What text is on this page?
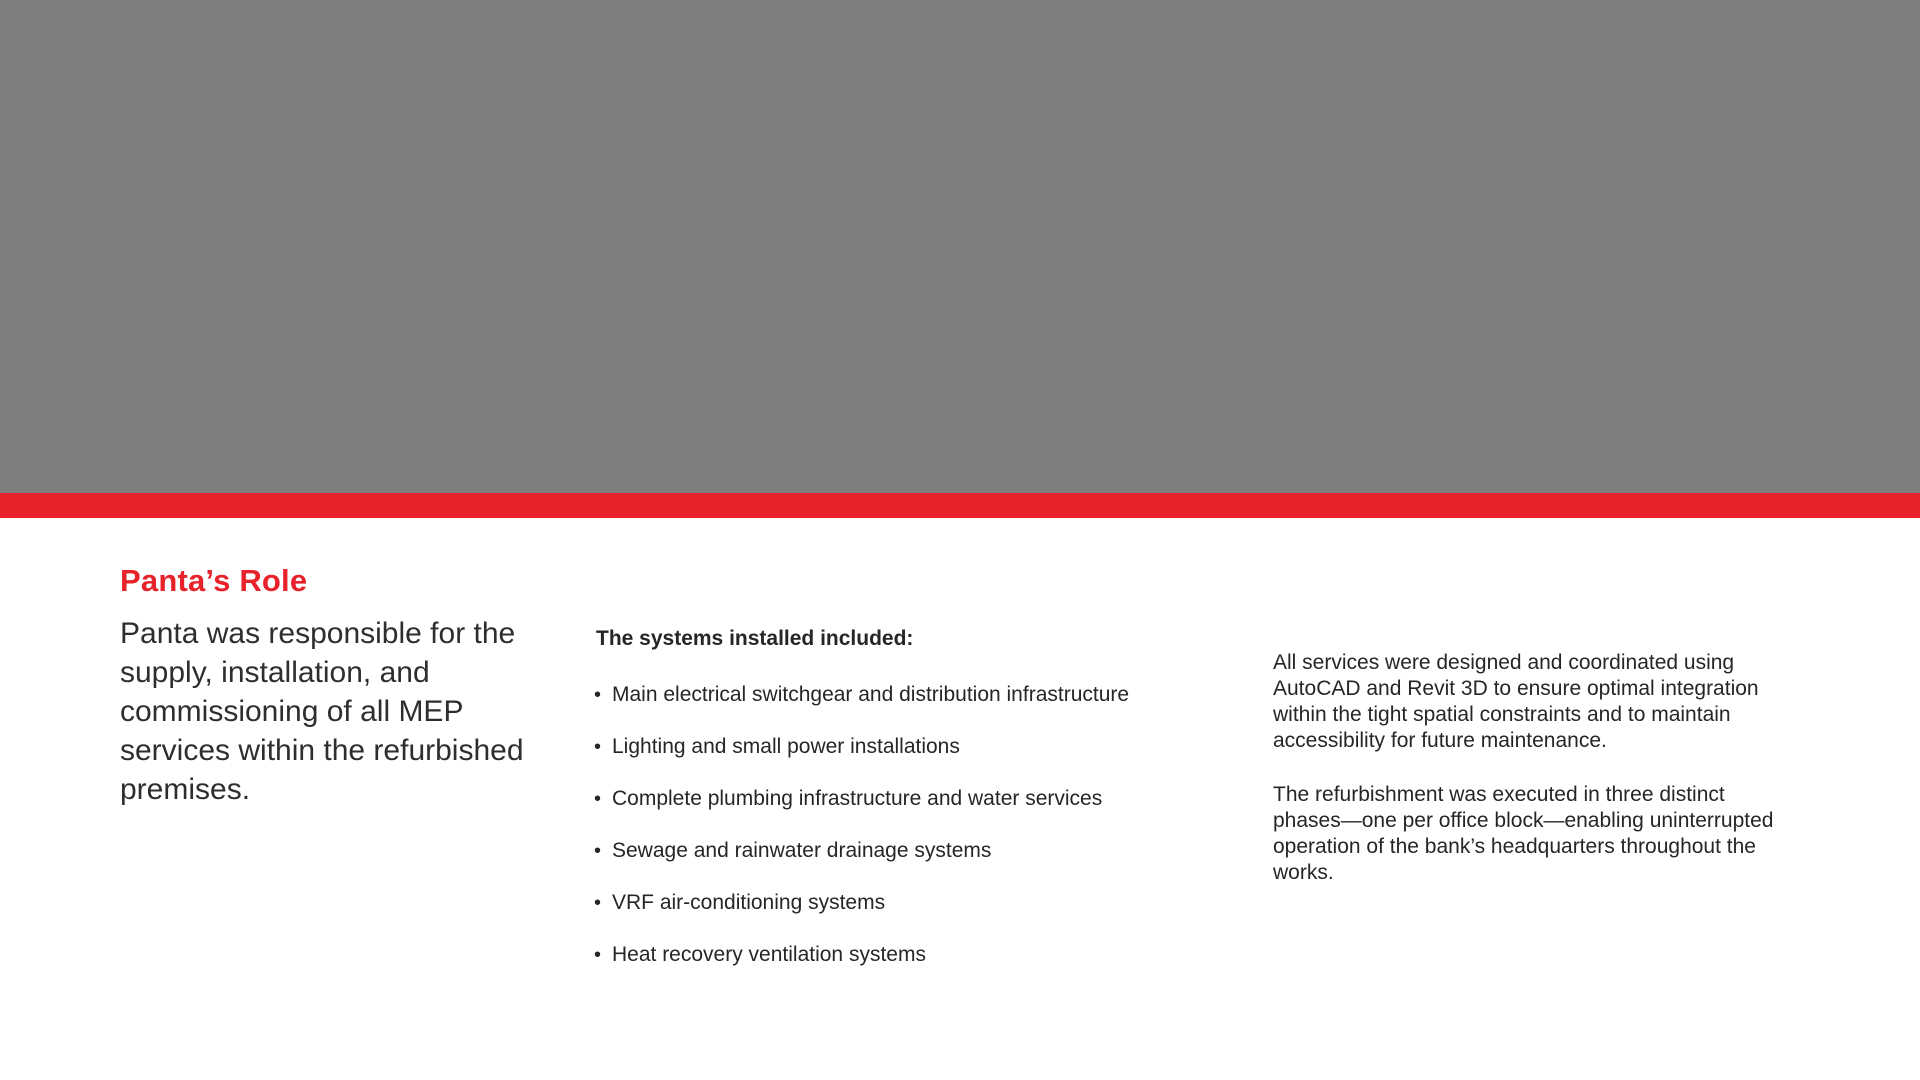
Panta’s Role
Panta was responsible for the supply, installation, and commissioning of all MEP services within the refurbished premises.

The systems installed included:

• Main electrical switchgear and distribution infrastructure
• Lighting and small power installations
• Complete plumbing infrastructure and water services
• Sewage and rainwater drainage systems
• VRF air-conditioning systems
• Heat recovery ventilation systems

All services were designed and coordinated using AutoCAD and Revit 3D to ensure optimal integration within the tight spatial constraints and to maintain accessibility for future maintenance.

The refurbishment was executed in three distinct phases—one per office block—enabling uninterrupted operation of the bank’s headquarters throughout the works.
